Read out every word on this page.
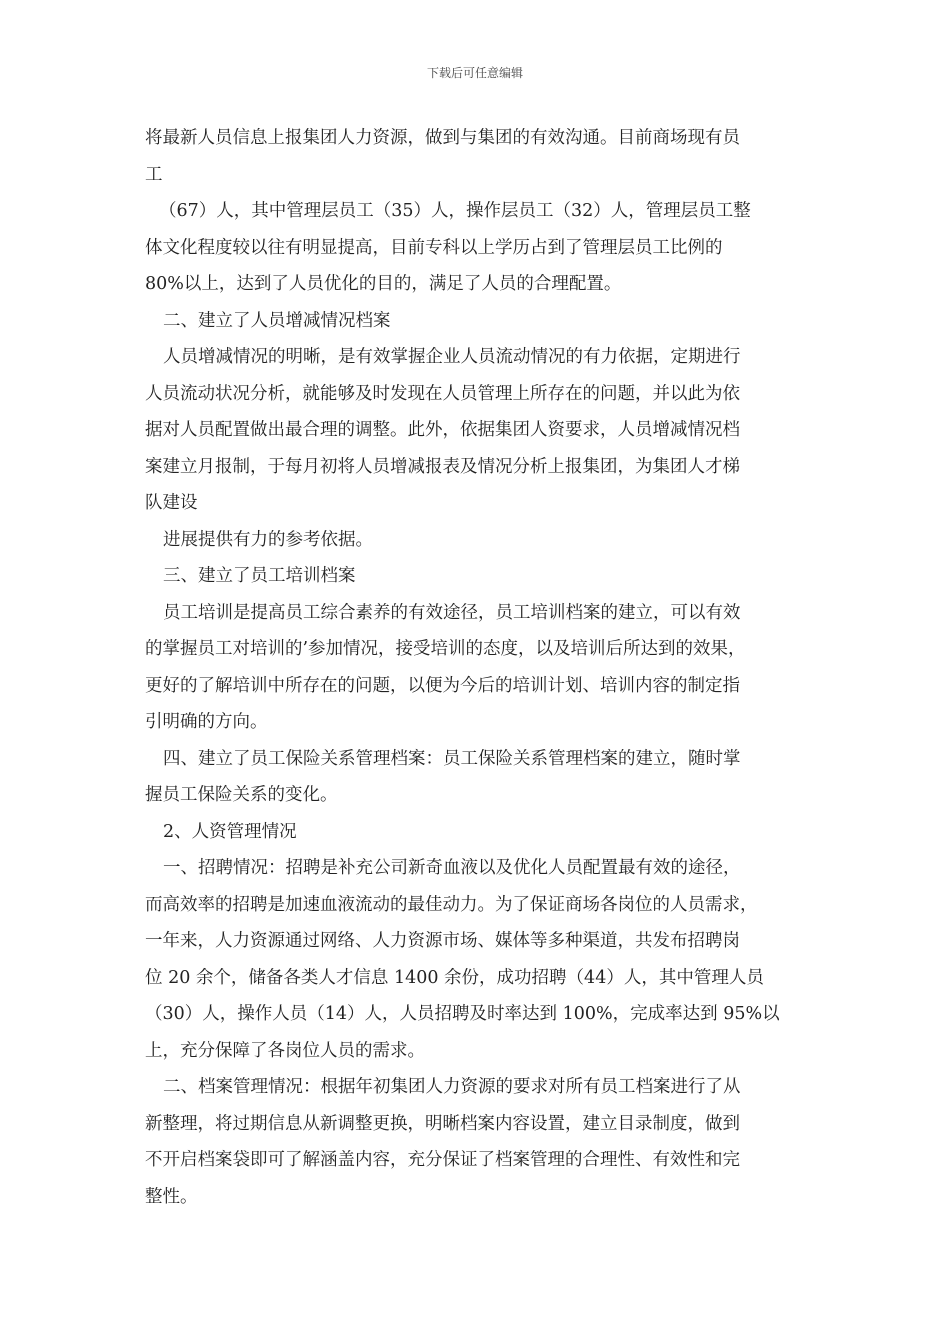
下载后可任意编辑
将最新人员信息上报集团人力资源，做到与集团的有效沟通。目前商场现有员
工
（67）人，其中管理层员工（35）人，操作层员工（32）人，管理层员工整
体文化程度较以往有明显提高，目前专科以上学历占到了管理层员工比例的
80%以上，达到了人员优化的目的，满足了人员的合理配置。
二、建立了人员增减情况档案
人员增减情况的明晰，是有效掌握企业人员流动情况的有力依据，定期进行
人员流动状况分析，就能够及时发现在人员管理上所存在的问题，并以此为依
据对人员配置做出最合理的调整。此外，依据集团人资要求，人员增减情况档
案建立月报制，于每月初将人员增减报表及情况分析上报集团，为集团人才梯
队建设
进展提供有力的参考依据。
三、建立了员工培训档案
员工培训是提高员工综合素养的有效途径，员工培训档案的建立，可以有效
的掌握员工对培训的’参加情况，接受培训的态度，以及培训后所达到的效果，
更好的了解培训中所存在的问题，以便为今后的培训计划、培训内容的制定指
引明确的方向。
四、建立了员工保险关系管理档案：员工保险关系管理档案的建立，随时掌
握员工保险关系的变化。
2、人资管理情况
一、招聘情况：招聘是补充公司新奇血液以及优化人员配置最有效的途径，
而高效率的招聘是加速血液流动的最佳动力。为了保证商场各岗位的人员需求，
一年来，人力资源通过网络、人力资源市场、媒体等多种渠道，共发布招聘岗
位 20 余个，储备各类人才信息 1400 余份，成功招聘（44）人，其中管理人员
（30）人，操作人员（14）人，人员招聘及时率达到 100%，完成率达到 95%以
上，充分保障了各岗位人员的需求。
二、档案管理情况：根据年初集团人力资源的要求对所有员工档案进行了从
新整理，将过期信息从新调整更换，明晰档案内容设置，建立目录制度，做到
不开启档案袋即可了解涵盖内容，充分保证了档案管理的合理性、有效性和完
整性。
